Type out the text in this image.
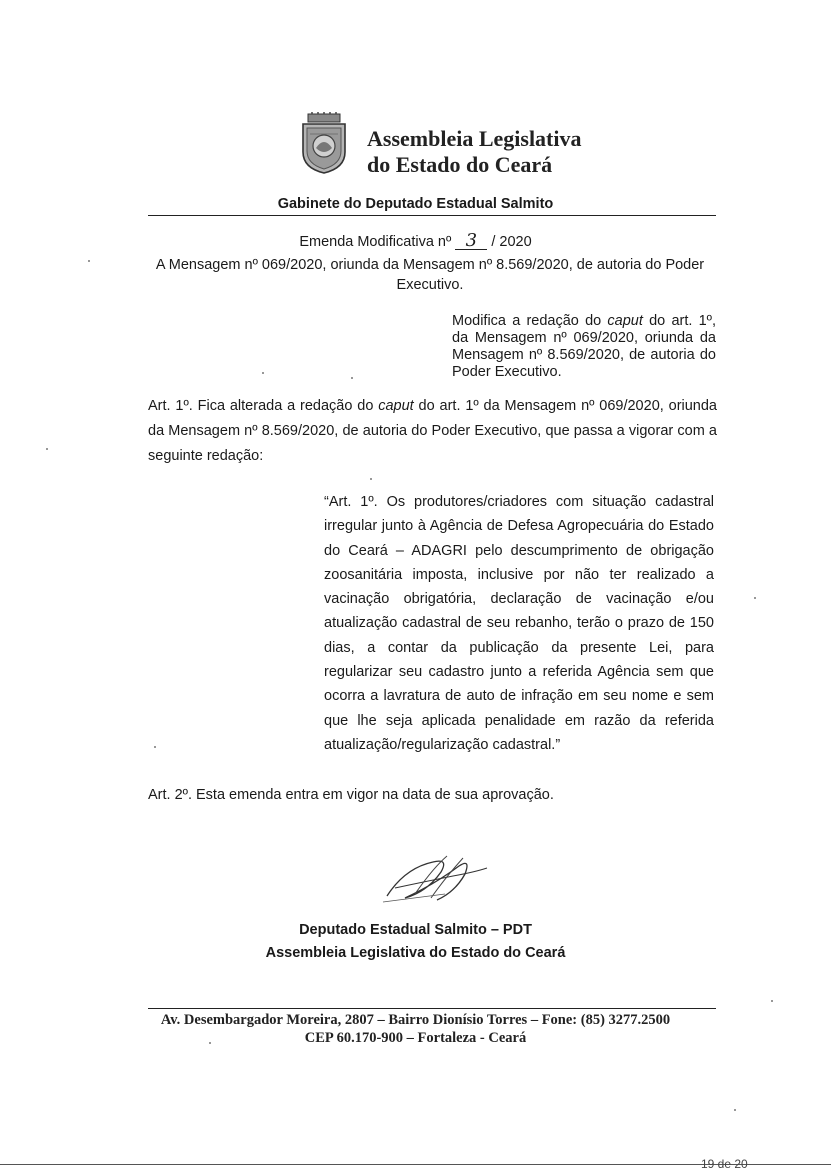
Assembleia Legislativa
do Estado do Ceará
Gabinete do Deputado Estadual Salmito
Emenda Modificativa nº 3 / 2020
A Mensagem nº 069/2020, oriunda da Mensagem nº 8.569/2020, de autoria do Poder Executivo.
Modifica a redação do caput do art. 1º, da Mensagem nº 069/2020, oriunda da Mensagem nº 8.569/2020, de autoria do Poder Executivo.
Art. 1º. Fica alterada a redação do caput do art. 1º da Mensagem nº 069/2020, oriunda da Mensagem nº 8.569/2020, de autoria do Poder Executivo, que passa a vigorar com a seguinte redação:
“Art. 1º. Os produtores/criadores com situação cadastral irregular junto à Agência de Defesa Agropecuária do Estado do Ceará – ADAGRI pelo descumprimento de obrigação zoosanitária imposta, inclusive por não ter realizado a vacinação obrigatória, declaração de vacinação e/ou atualização cadastral de seu rebanho, terão o prazo de 150 dias, a contar da publicação da presente Lei, para regularizar seu cadastro junto a referida Agência sem que ocorra a lavratura de auto de infração em seu nome e sem que lhe seja aplicada penalidade em razão da referida atualização/regularização cadastral.”
Art. 2º. Esta emenda entra em vigor na data de sua aprovação.
Deputado Estadual Salmito – PDT
Assembleia Legislativa do Estado do Ceará
Av. Desembargador Moreira, 2807 – Bairro Dionísio Torres – Fone: (85) 3277.2500
CEP 60.170-900 – Fortaleza - Ceará
19 de 20
